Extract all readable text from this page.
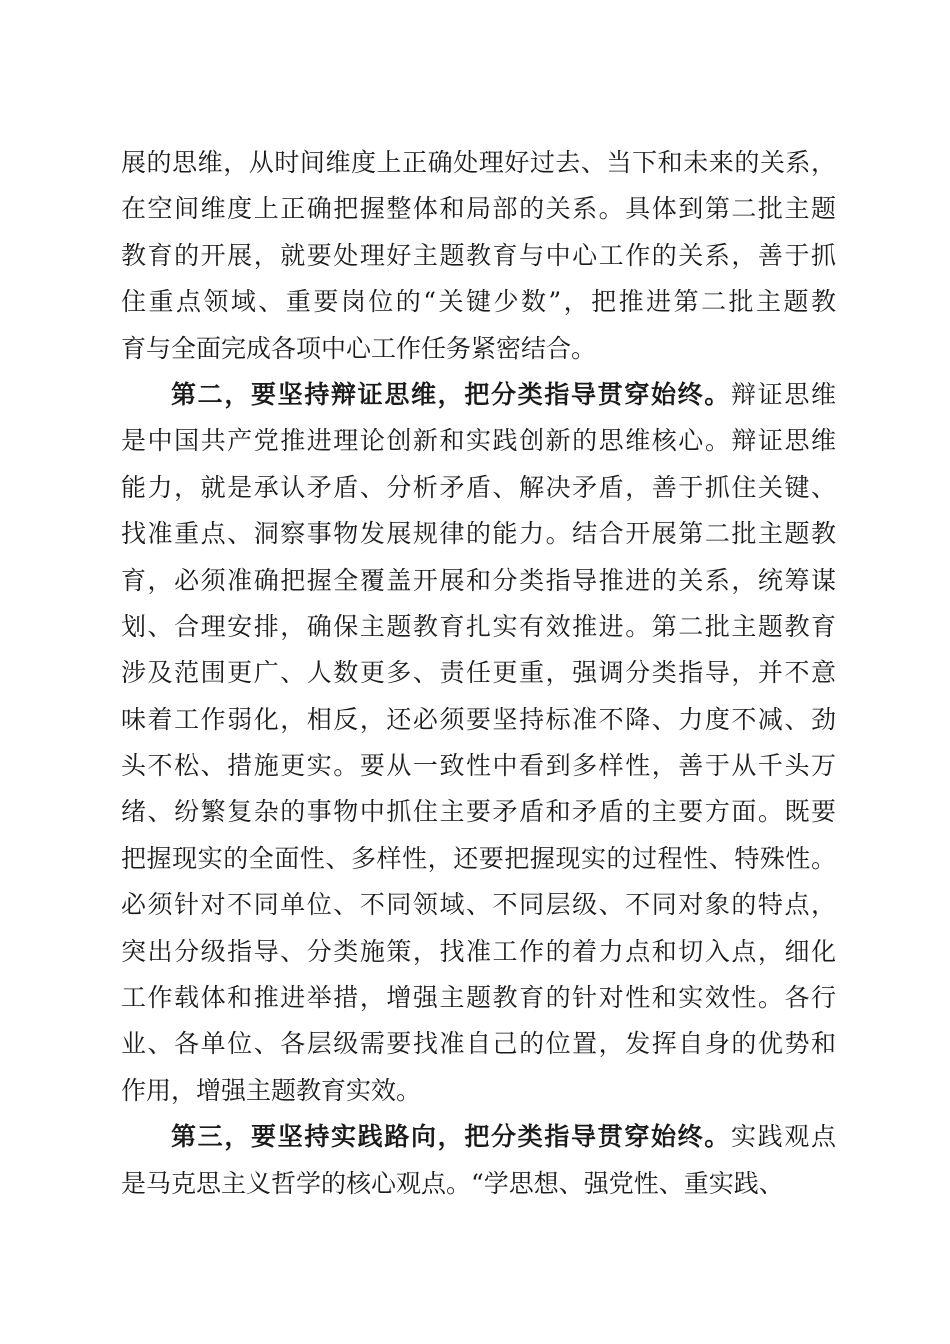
展的思维，从时间维度上正确处理好过去、当下和未来的关系，
在空间维度上正确把握整体和局部的关系。具体到第二批主题
教育的开展，就要处理好主题教育与中心工作的关系，善于抓
住重点领域、重要岗位的“关键少数”，把推进第二批主题教
育与全面完成各项中心工作任务紧密结合。
第二，要坚持辩证思维，把分类指导贯穿始终。辩证思维
是中国共产党推进理论创新和实践创新的思维核心。辩证思维
能力，就是承认矛盾、分析矛盾、解决矛盾，善于抓住关键、
找准重点、洞察事物发展规律的能力。结合开展第二批主题教
育，必须准确把握全覆盖开展和分类指导推进的关系，统筹谋
划、合理安排，确保主题教育扎实有效推进。第二批主题教育
涉及范围更广、人数更多、责任更重，强调分类指导，并不意
味着工作弱化，相反，还必须要坚持标准不降、力度不减、劲
头不松、措施更实。要从一致性中看到多样性，善于从千头万
绪、纷繁复杂的事物中抓住主要矛盾和矛盾的主要方面。既要
把握现实的全面性、多样性，还要把握现实的过程性、特殊性。
必须针对不同单位、不同领域、不同层级、不同对象的特点，
突出分级指导、分类施策，找准工作的着力点和切入点，细化
工作载体和推进举措，增强主题教育的针对性和实效性。各行
业、各单位、各层级需要找准自己的位置，发挥自身的优势和
作用，增强主题教育实效。
第三，要坚持实践路向，把分类指导贯穿始终。实践观点
是马克思主义哲学的核心观点。“学思想、强党性、重实践、
